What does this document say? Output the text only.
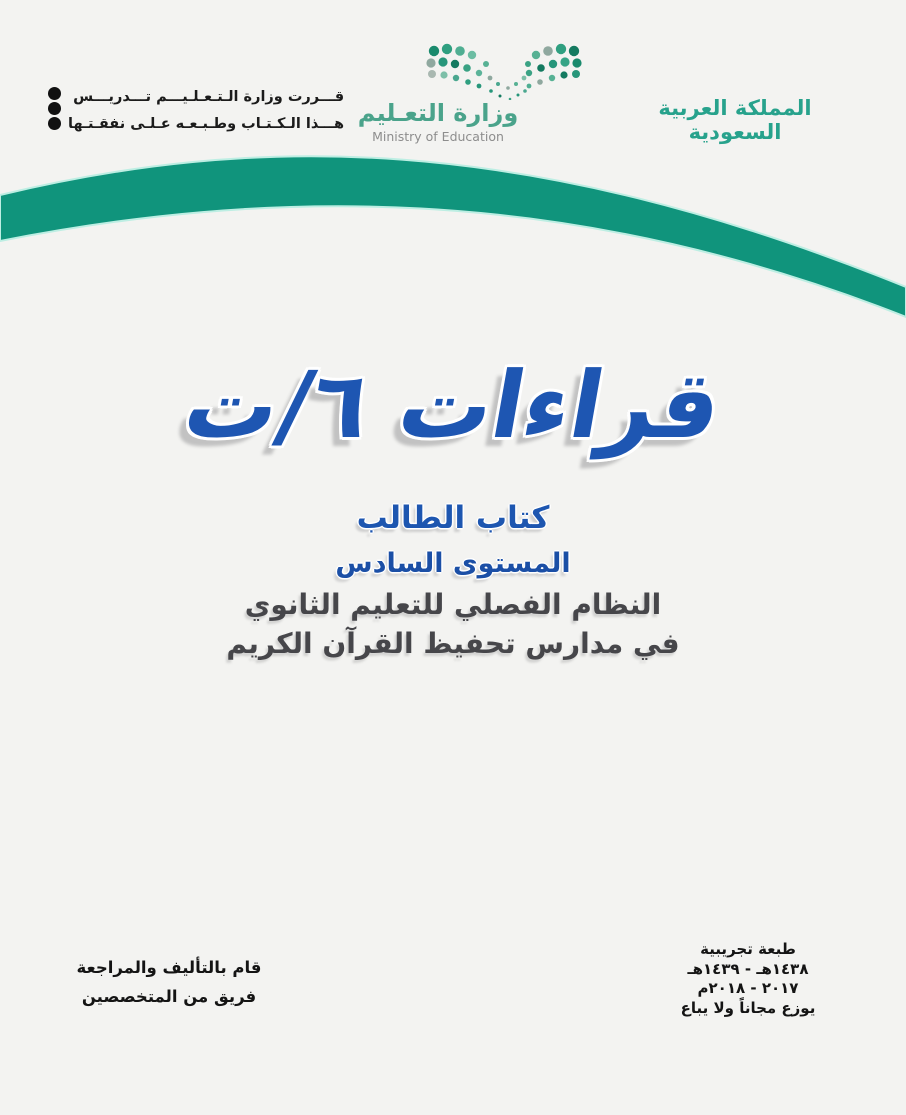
قـــررت وزارة الـتـعـلـيـــم تـــدريـــس
هـــذا الـكـتـاب وطـبـعـه عـلـى نفقـتـها وزارة التعـليم
Ministry of Education
المملكة العربية السعودية
قراءات ٦/ت
كتاب الطالب
المستوى السادس
النظام الفصلي للتعليم الثانوي
في مدارس تحفيظ القرآن الكريم
قام بالتأليف والمراجعة
فريق من المتخصصين
طبعة تجريبية
١٤٣٨هـ - ١٤٣٩هـ
٢٠١٧ - ٢٠١٨م
يوزع مجاناً ولا يباع
